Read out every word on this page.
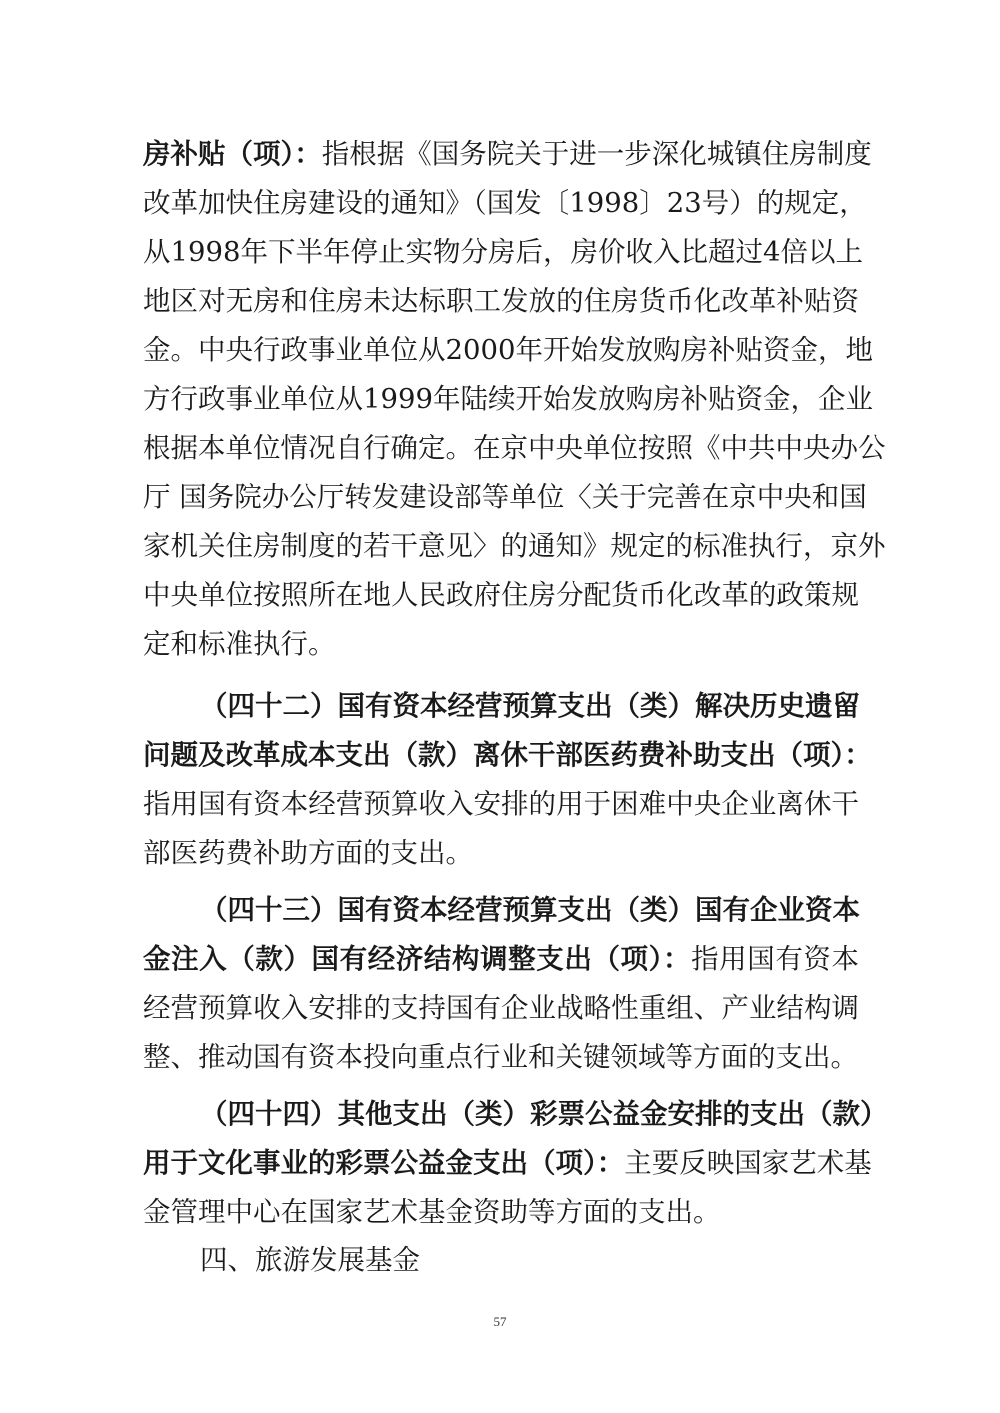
房补贴（项）：指根据《国务院关于进一步深化城镇住房制度
改革加快住房建设的通知》（国发〔1998〕23号）的规定，
从1998年下半年停止实物分房后，房价收入比超过4倍以上
地区对无房和住房未达标职工发放的住房货币化改革补贴资
金。中央行政事业单位从2000年开始发放购房补贴资金，地
方行政事业单位从1999年陆续开始发放购房补贴资金，企业
根据本单位情况自行确定。在京中央单位按照《中共中央办公
厅 国务院办公厅转发建设部等单位〈关于完善在京中央和国
家机关住房制度的若干意见〉的通知》规定的标准执行，京外
中央单位按照所在地人民政府住房分配货币化改革的政策规
定和标准执行。
（四十二）国有资本经营预算支出（类）解决历史遗留
问题及改革成本支出（款）离休干部医药费补助支出（项）：
指用国有资本经营预算收入安排的用于困难中央企业离休干
部医药费补助方面的支出。
（四十三）国有资本经营预算支出（类）国有企业资本
金注入（款）国有经济结构调整支出（项）：指用国有资本
经营预算收入安排的支持国有企业战略性重组、产业结构调
整、推动国有资本投向重点行业和关键领域等方面的支出。
（四十四）其他支出（类）彩票公益金安排的支出（款）
用于文化事业的彩票公益金支出（项）：主要反映国家艺术基
金管理中心在国家艺术基金资助等方面的支出。
四、旅游发展基金
57
